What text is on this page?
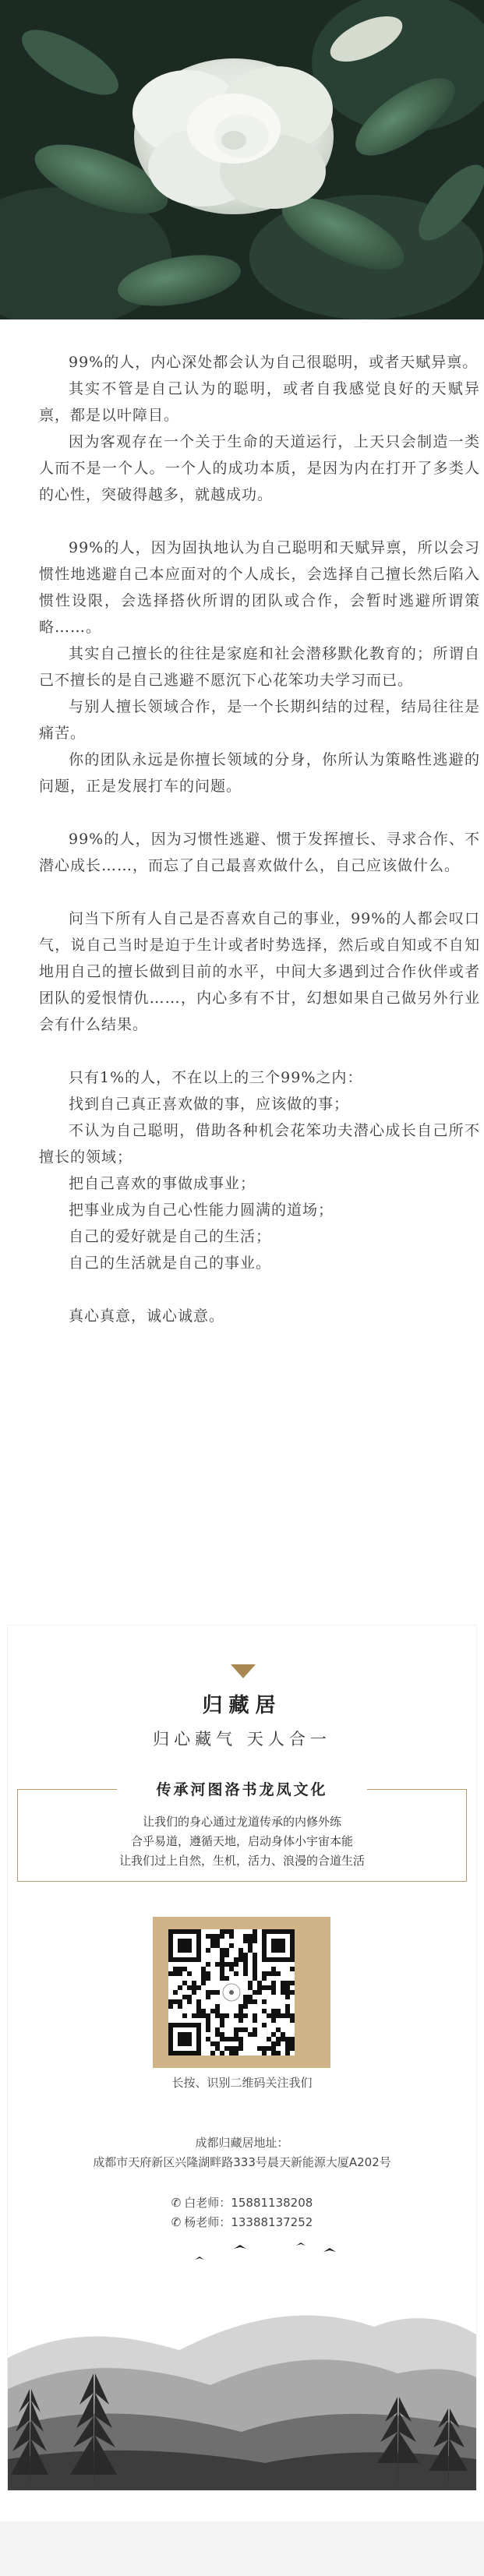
99%的人，内心深处都会认为自己很聪明，或者天赋异禀。

其实不管是自己认为的聪明，或者自我感觉良好的天赋异禀，都是以叶障目。

因为客观存在一个关于生命的天道运行，上天只会制造一类人而不是一个人。一个人的成功本质，是因为内在打开了多类人的心性，突破得越多，就越成功。

99%的人，因为固执地认为自己聪明和天赋异禀，所以会习惯性地逃避自己本应面对的个人成长，会选择自己擅长然后陷入惯性设限，会选择搭伙所谓的团队或合作，会暂时逃避所谓策略……。

其实自己擅长的往往是家庭和社会潜移默化教育的；所谓自己不擅长的是自己逃避不愿沉下心花笨功夫学习而已。

与别人擅长领域合作，是一个长期纠结的过程，结局往往是痛苦。

你的团队永远是你擅长领域的分身，你所认为策略性逃避的问题，正是发展打车的问题。

99%的人，因为习惯性逃避、惯于发挥擅长、寻求合作、不潜心成长……，而忘了自己最喜欢做什么，自己应该做什么。

问当下所有人自己是否喜欢自己的事业，99%的人都会叹口气，说自己当时是迫于生计或者时势选择，然后或自知或不自知地用自己的擅长做到目前的水平，中间大多遇到过合作伙伴或者团队的爱恨情仇……，内心多有不甘，幻想如果自己做另外行业会有什么结果。

只有1%的人，不在以上的三个99%之内：

找到自己真正喜欢做的事，应该做的事；

不认为自己聪明，借助各种机会花笨功夫潜心成长自己所不擅长的领域；

把自己喜欢的事做成事业；

把事业成为自己心性能力圆满的道场；

自己的爱好就是自己的生活；

自己的生活就是自己的事业。

真心真意，诚心诚意。

归藏居
归心藏气 天人合一
传承河图洛书龙凤文化
让我们的身心通过龙道传承的内修外练
合乎易道，遵循天地，启动身体小宇宙本能
让我们过上自然，生机，活力、浪漫的合道生活
长按、识别二维码关注我们
成都归藏居地址：
成都市天府新区兴隆湖畔路333号晨天新能源大厦A202号
✆ 白老师：15881138208
✆ 杨老师：13388137252
